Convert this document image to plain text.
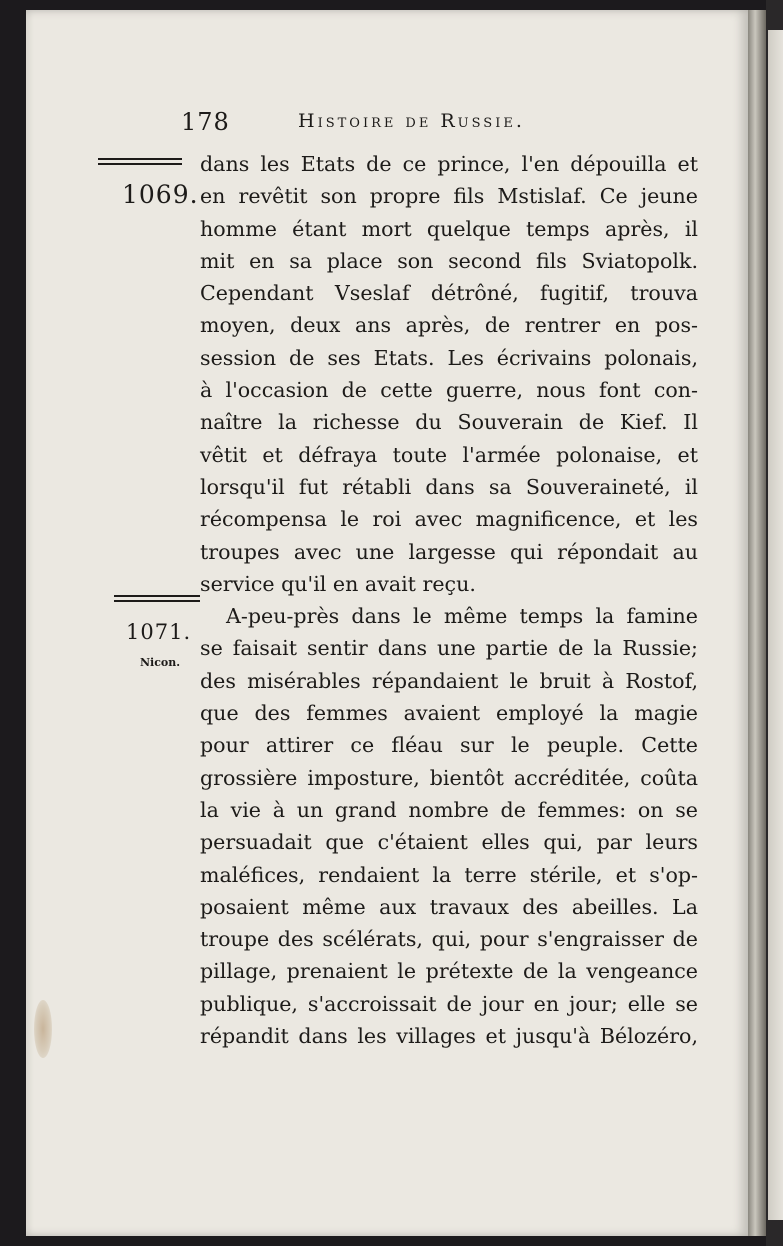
178	Histoire de Russie.
1069.
1071.
Nicon.
dans les Etats de ce prince, l'en dépouilla et
en revêtit son propre fils Mstislaf. Ce jeune
homme étant mort quelque temps après, il
mit en sa place son second fils Sviatopolk.
Cependant Vseslaf détrôné, fugitif, trouva
moyen, deux ans après, de rentrer en pos-
session de ses Etats. Les écrivains polonais,
à l'occasion de cette guerre, nous font con-
naître la richesse du Souverain de Kief. Il
vêtit et défraya toute l'armée polonaise, et
lorsqu'il fut rétabli dans sa Souveraineté, il
récompensa le roi avec magnificence, et les
troupes avec une largesse qui répondait au
service qu'il en avait reçu.
A-peu-près dans le même temps la famine
se faisait sentir dans une partie de la Russie;
des misérables répandaient le bruit à Rostof,
que des femmes avaient employé la magie
pour attirer ce fléau sur le peuple. Cette
grossière imposture, bientôt accréditée, coûta
la vie à un grand nombre de femmes: on se
persuadait que c'étaient elles qui, par leurs
maléfices, rendaient la terre stérile, et s'op-
posaient même aux travaux des abeilles. La
troupe des scélérats, qui, pour s'engraisser de
pillage, prenaient le prétexte de la vengeance
publique, s'accroissait de jour en jour; elle se
répandit dans les villages et jusqu'à Bélozéro,
